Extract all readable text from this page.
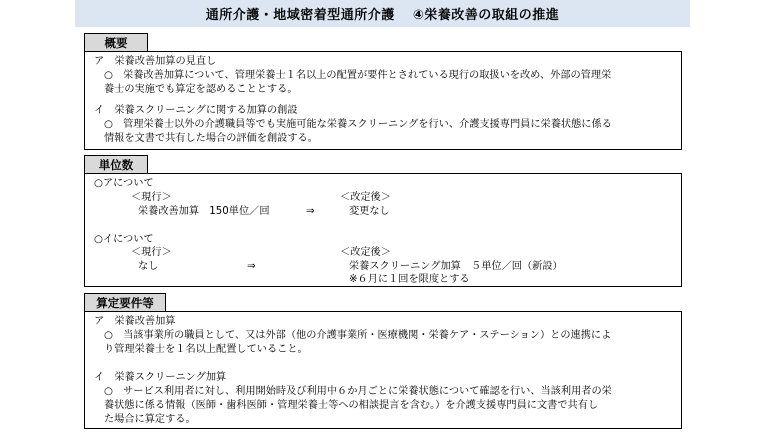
通所介護・地域密着型通所介護 ④栄養改善の取組の推進
概要
ア　栄養改善加算の見直し
○　栄養改善加算について、管理栄養士１名以上の配置が要件とされている現行の取扱いを改め、外部の管理栄
養士の実施でも算定を認めることとする。
イ　栄養スクリーニングに関する加算の創設
○　管理栄養士以外の介護職員等でも実施可能な栄養スクリーニングを行い、介護支援専門員に栄養状態に係る
情報を文書で共有した場合の評価を創設する。
単位数
○アについて
＜現行＞	＜改定後＞
栄養改善加算　150単位／回	⇒	変更なし
○イについて
＜現行＞	＜改定後＞
なし	⇒	栄養スクリーニング加算　５単位／回（新設）
※６月に１回を限度とする
算定要件等
ア　栄養改善加算
○　当該事業所の職員として、又は外部（他の介護事業所・医療機関・栄養ケア・ステーション）との連携によ
り管理栄養士を１名以上配置していること。
イ　栄養スクリーニング加算
○　サービス利用者に対し、利用開始時及び利用中６か月ごとに栄養状態について確認を行い、当該利用者の栄
養状態に係る情報（医師・歯科医師・管理栄養士等への相談提言を含む。）を介護支援専門員に文書で共有し
た場合に算定する。
